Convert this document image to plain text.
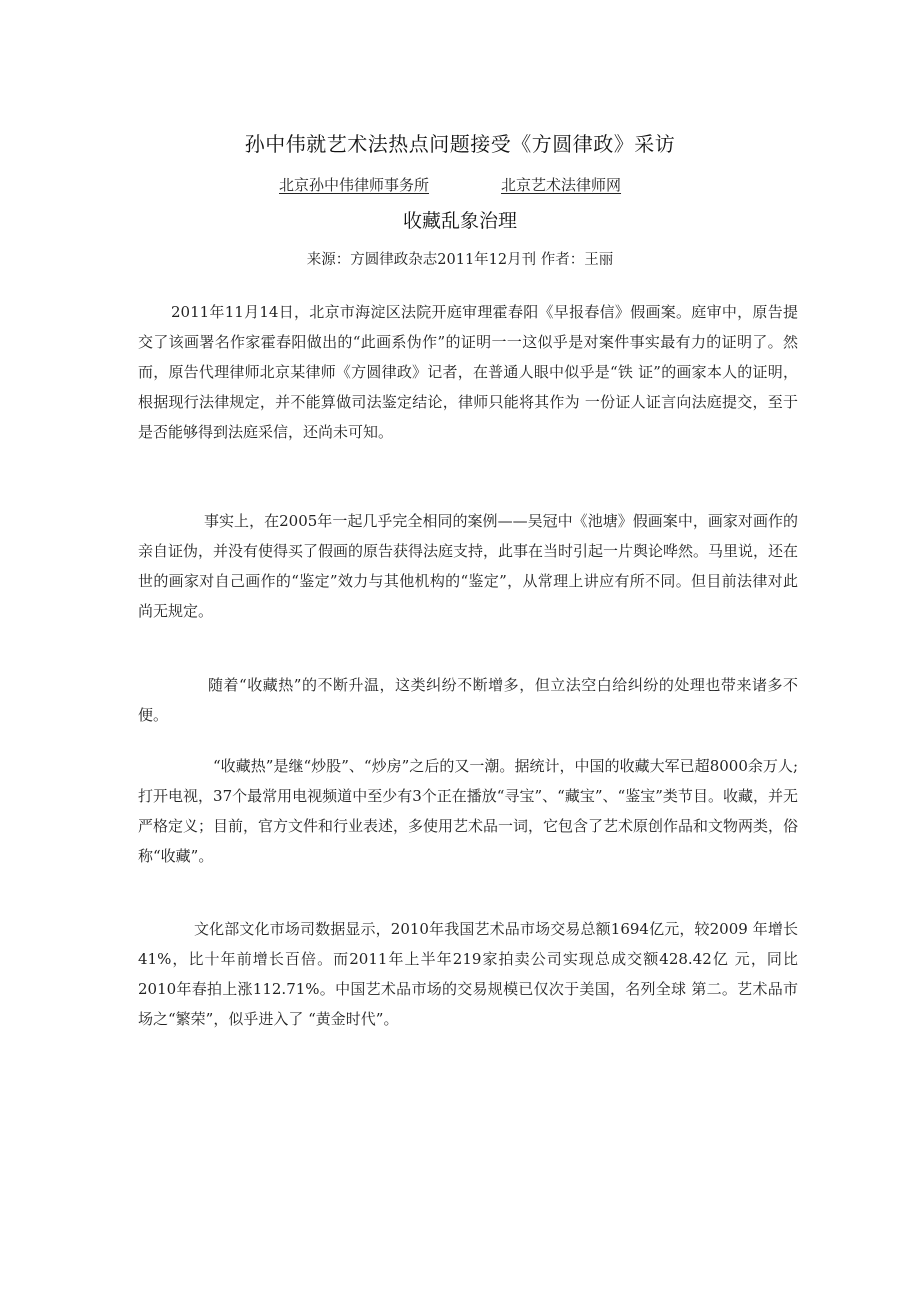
孙中伟就艺术法热点问题接受《方圆律政》采访
北京孙中伟律师事务所	北京艺术法律师网
收藏乱象治理
来源：方圆律政杂志2011年12月刊 作者：王丽
2011年11月14日，北京市海淀区法院开庭审理霍春阳《早报春信》假画案。庭审中，原告提交了该画署名作家霍春阳做出的“此画系伪作”的证明一一这似乎是对案件事实最有力的证明了。然而，原告代理律师北京某律师《方圆律政》记者，在普通人眼中似乎是“铁 证”的画家本人的证明，根据现行法律规定，并不能算做司法鉴定结论，律师只能将其作为 一份证人证言向法庭提交，至于是否能够得到法庭采信，还尚未可知。
事实上，在2005年一起几乎完全相同的案例——吴冠中《池塘》假画案中，画家对画作的亲自证伪，并没有使得买了假画的原告获得法庭支持，此事在当时引起一片舆论哗然。马里说，还在世的画家对自己画作的“鉴定”效力与其他机构的“鉴定”，从常理上讲应有所不同。但目前法律对此尚无规定。
随着“收藏热”的不断升温，这类纠纷不断增多，但立法空白给纠纷的处理也带来诸多不便。
“收藏热”是继“炒股”、“炒房”之后的又一潮。据统计，中国的收藏大军已超8000余万人;打开电视，37个最常用电视频道中至少有3个正在播放“寻宝”、“藏宝”、“鉴宝”类节目。收藏，并无严格定义；目前，官方文件和行业表述，多使用艺术品一词，它包含了艺术原创作品和文物两类，俗称“收藏”。
文化部文化市场司数据显示，2010年我国艺术品市场交易总额1694亿元，较2009 年增长41%，比十年前增长百倍。而2011年上半年219家拍卖公司实现总成交额428.42亿 元，同比2010年春拍上涨112.71%。中国艺术品市场的交易规模已仅次于美国，名列全球 第二。艺术品市场之“繁荣”，似乎进入了 “黄金时代”。
